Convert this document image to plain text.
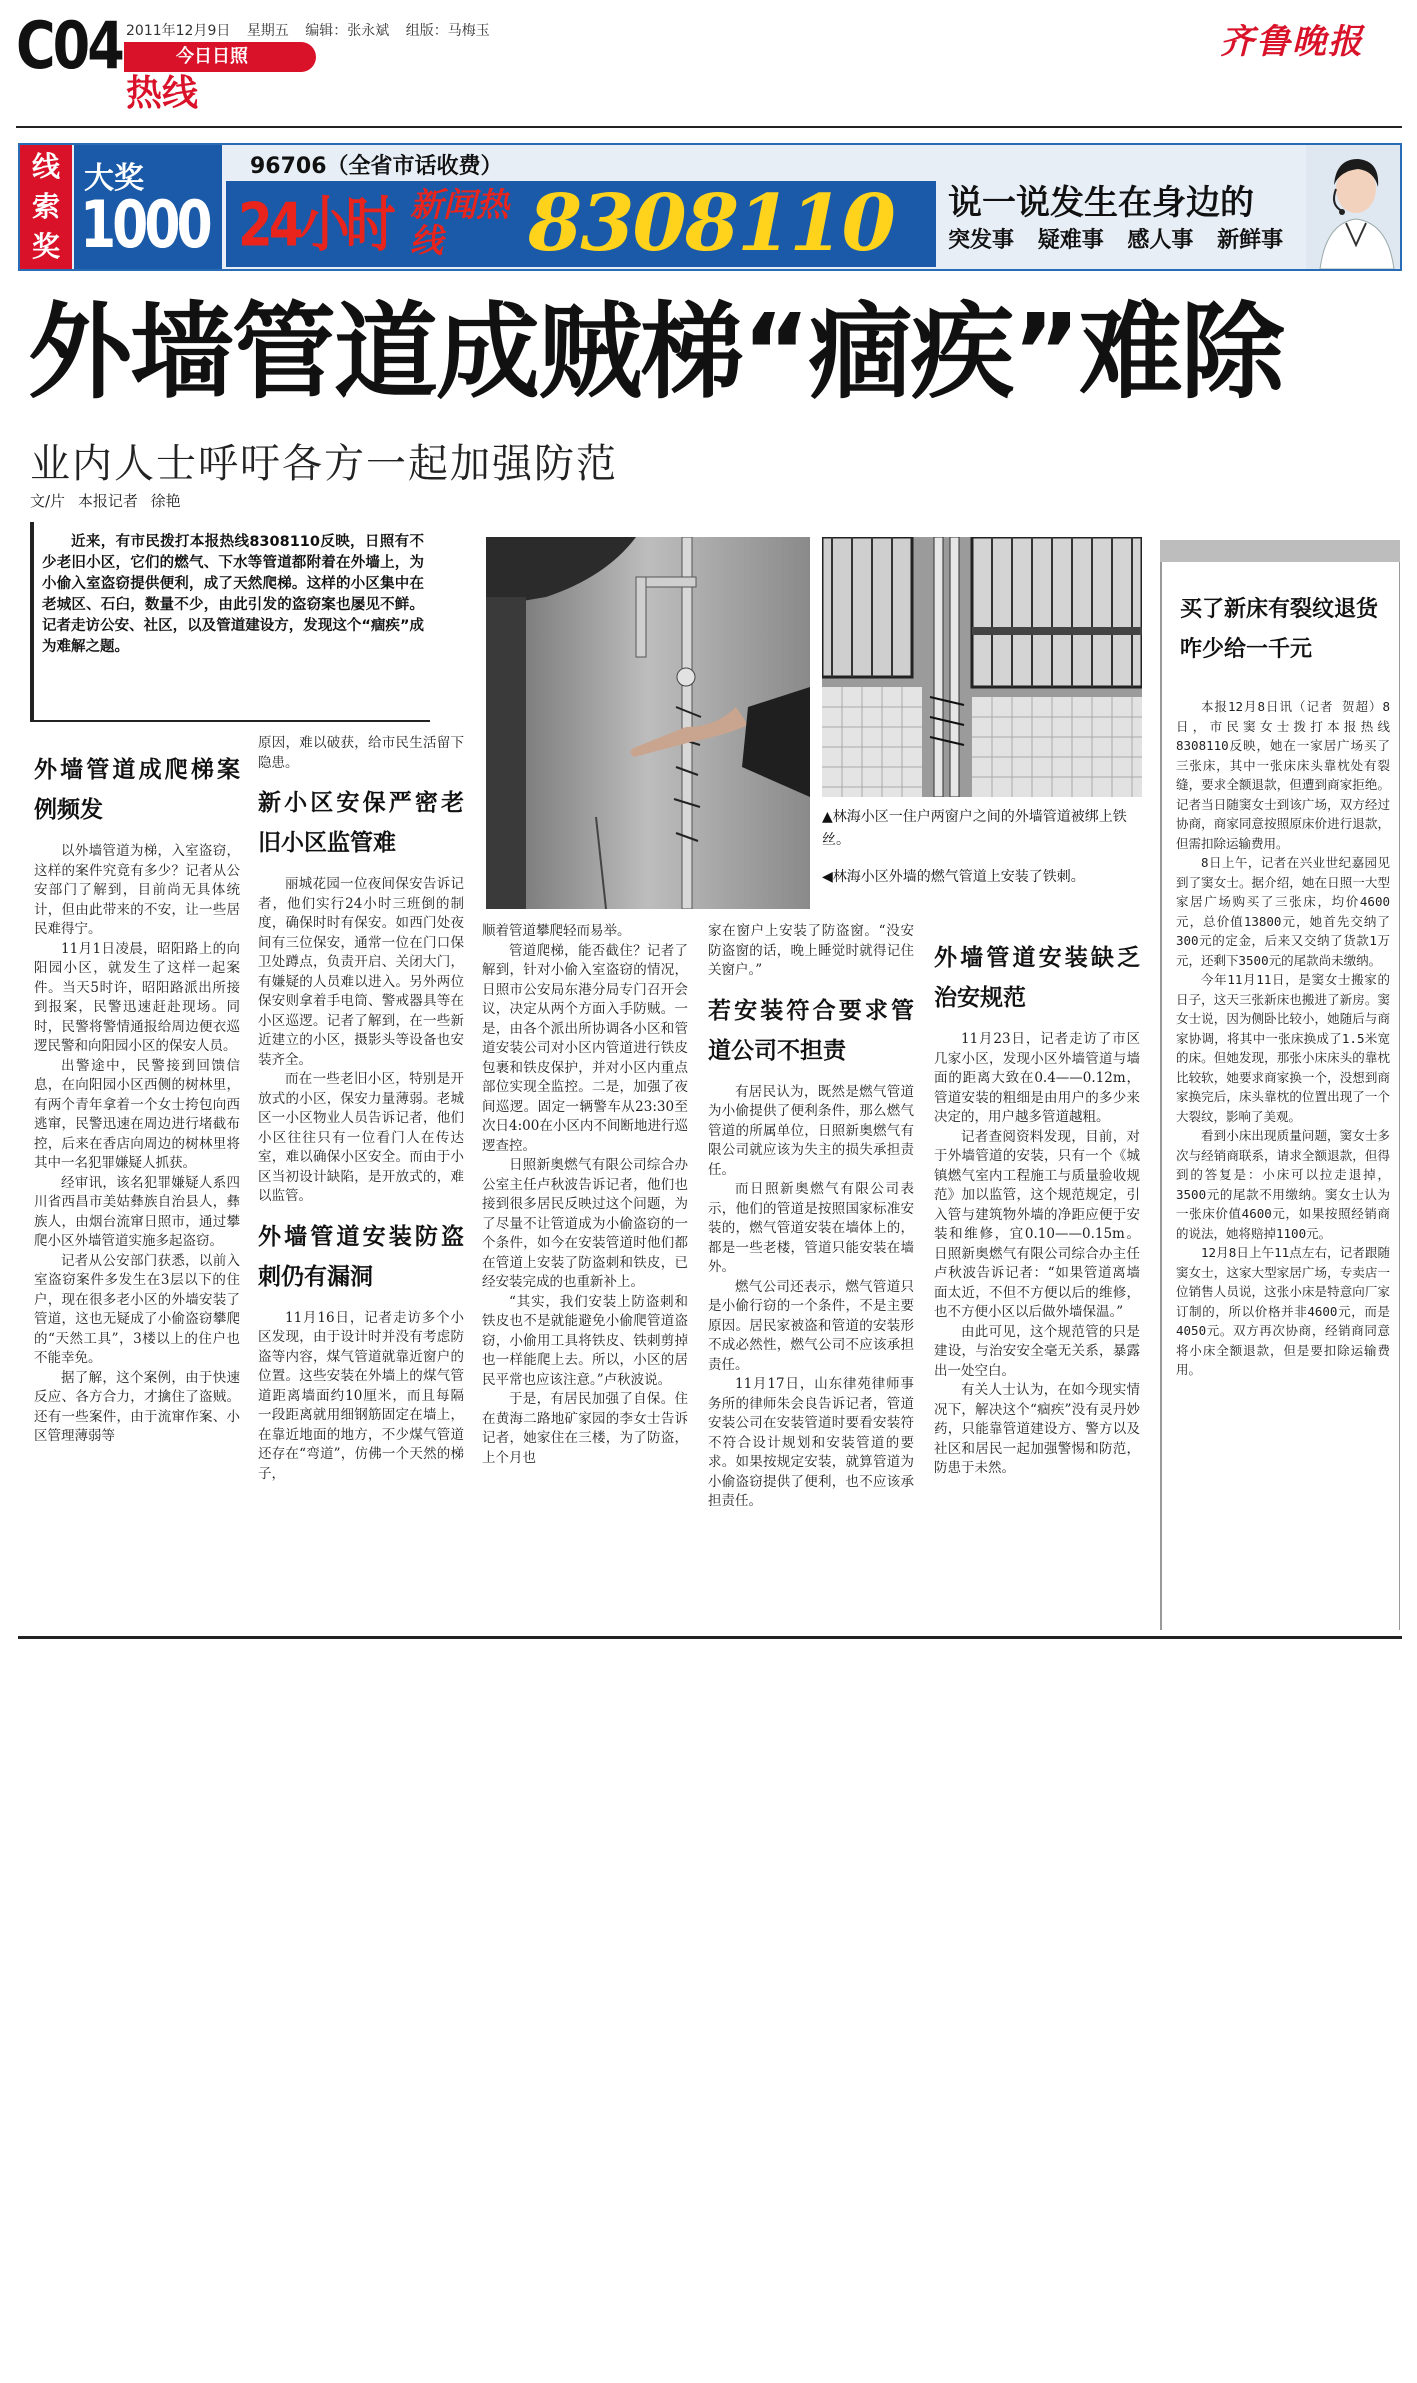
C04 2011年12月9日 星期五 编辑：张永斌 组版：马梅玉
今日日照
热线
齐鲁晚报
线索奖
大奖
1000
96706（全省市话收费）
24小时 新闻热线	8308110 说一说发生在身边的
突发事 疑难事 感人事 新鲜事
外墙管道成贼梯“痼疾”难除
业内人士呼吁各方一起加强防范
文/片 本报记者 徐艳
近来，有市民拨打本报热线8308110反映，日照有不少老旧小区，它们的燃气、下水等管道都附着在外墙上，为小偷入室盗窃提供便利，成了天然爬梯。这样的小区集中在老城区、石臼，数量不少，由此引发的盗窃案也屡见不鲜。记者走访公安、社区，以及管道建设方，发现这个“痼疾”成为难解之题。
外墙管道成爬梯案例频发

以外墙管道为梯，入室盗窃，这样的案件究竟有多少？记者从公安部门了解到，目前尚无具体统计，但由此带来的不安，让一些居民难得宁。

11月1日凌晨，昭阳路上的向阳园小区，就发生了这样一起案件。当天5时许，昭阳路派出所接到报案，民警迅速赶赴现场。同时，民警将警情通报给周边便衣巡逻民警和向阳园小区的保安人员。

出警途中，民警接到回馈信息，在向阳园小区西侧的树林里，有两个青年拿着一个女士挎包向西逃窜，民警迅速在周边进行堵截布控，后来在香店向周边的树林里将其中一名犯罪嫌疑人抓获。

经审讯，该名犯罪嫌疑人系四川省西昌市美姑彝族自治县人，彝族人，由烟台流窜日照市，通过攀爬小区外墙管道实施多起盗窃。

记者从公安部门获悉，以前入室盗窃案件多发生在3层以下的住户，现在很多老小区的外墙安装了管道，这也无疑成了小偷盗窃攀爬的“天然工具”，3楼以上的住户也不能幸免。

据了解，这个案例，由于快速反应、各方合力，才擒住了盗贼。还有一些案件，由于流窜作案、小区管理薄弱等

原因，难以破获，给市民生活留下隐患。

新小区安保严密老旧小区监管难

丽城花园一位夜间保安告诉记者，他们实行24小时三班倒的制度，确保时时有保安。如西门处夜间有三位保安，通常一位在门口保卫处蹲点，负责开启、关闭大门，有嫌疑的人员难以进入。另外两位保安则拿着手电筒、警戒器具等在小区巡逻。记者了解到，在一些新近建立的小区，摄影头等设备也安装齐全。

而在一些老旧小区，特别是开放式的小区，保安力量薄弱。老城区一小区物业人员告诉记者，他们小区往往只有一位看门人在传达室，难以确保小区安全。而由于小区当初设计缺陷，是开放式的，难以监管。

外墙管道安装防盗刺仍有漏洞

11月16日，记者走访多个小区发现，由于设计时并没有考虑防盗等内容，煤气管道就靠近窗户的位置。这些安装在外墙上的煤气管道距离墙面约10厘米，而且每隔一段距离就用细钢筋固定在墙上，在靠近地面的地方，不少煤气管道还存在“弯道”，仿佛一个天然的梯子，

▲林海小区一住户两窗户之间的外墙管道被绑上铁丝。
◀林海小区外墙的燃气管道上安装了铁刺。

顺着管道攀爬轻而易举。

管道爬梯，能否截住？记者了解到，针对小偷入室盗窃的情况，日照市公安局东港分局专门召开会议，决定从两个方面入手防贼。一是，由各个派出所协调各小区和管道安装公司对小区内管道进行铁皮包裹和铁皮保护，并对小区内重点部位实现全监控。二是，加强了夜间巡逻。固定一辆警车从23:30至次日4:00在小区内不间断地进行巡逻查控。

日照新奥燃气有限公司综合办公室主任卢秋波告诉记者，他们也接到很多居民反映过这个问题，为了尽量不让管道成为小偷盗窃的一个条件，如今在安装管道时他们都在管道上安装了防盗刺和铁皮，已经安装完成的也重新补上。

“其实，我们安装上防盗刺和铁皮也不是就能避免小偷爬管道盗窃，小偷用工具将铁皮、铁刺剪掉也一样能爬上去。所以，小区的居民平常也应该注意。”卢秋波说。

于是，有居民加强了自保。住在黄海二路地矿家园的李女士告诉记者，她家住在三楼，为了防盗，上个月也

家在窗户上安装了防盗窗。“没安防盗窗的话，晚上睡觉时就得记住关窗户。”

若安装符合要求管道公司不担责

有居民认为，既然是燃气管道为小偷提供了便利条件，那么燃气管道的所属单位，日照新奥燃气有限公司就应该为失主的损失承担责任。

而日照新奥燃气有限公司表示，他们的管道是按照国家标准安装的，燃气管道安装在墙体上的，都是一些老楼，管道只能安装在墙外。

燃气公司还表示，燃气管道只是小偷行窃的一个条件，不是主要原因。居民家被盗和管道的安装形不成必然性，燃气公司不应该承担责任。

11月17日，山东律苑律师事务所的律师朱会良告诉记者，管道安装公司在安装管道时要看安装符不符合设计规划和安装管道的要求。如果按规定安装，就算管道为小偷盗窃提供了便利，也不应该承担责任。

外墙管道安装缺乏治安规范

11月23日，记者走访了市区几家小区，发现小区外墙管道与墙面的距离大致在0.4——0.12m，管道安装的粗细是由用户的多少来决定的，用户越多管道越粗。

记者查阅资料发现，目前，对于外墙管道的安装，只有一个《城镇燃气室内工程施工与质量验收规范》加以监管，这个规范规定，引入管与建筑物外墙的净距应便于安装和维修，宜0.10——0.15m。日照新奥燃气有限公司综合办主任卢秋波告诉记者：“如果管道离墙面太近，不但不方便以后的维修，也不方便小区以后做外墙保温。”

由此可见，这个规范管的只是建设，与治安安全毫无关系，暴露出一处空白。

有关人士认为，在如今现实情况下，解决这个“痼疾”没有灵丹妙药，只能靠管道建设方、警方以及社区和居民一起加强警惕和防范，防患于未然。

买了新床有裂纹退货咋少给一千元

本报12月8日讯（记者 贺超）8日，市民窦女士拨打本报热线8308110反映，她在一家居广场买了三张床，其中一张床床头靠枕处有裂缝，要求全额退款，但遭到商家拒绝。记者当日随窦女士到该广场，双方经过协商，商家同意按照原床价进行退款，但需扣除运输费用。

8日上午，记者在兴业世纪嘉园见到了窦女士。据介绍，她在日照一大型家居广场购买了三张床，均价4600元，总价值13800元，她首先交纳了300元的定金，后来又交纳了货款1万元，还剩下3500元的尾款尚未缴纳。

今年11月11日，是窦女士搬家的日子，这天三张新床也搬进了新房。窦女士说，因为侧卧比较小，她随后与商家协调，将其中一张床换成了1.5米宽的床。但她发现，那张小床床头的靠枕比较软，她要求商家换一个，没想到商家换完后，床头靠枕的位置出现了一个大裂纹，影响了美观。

看到小床出现质量问题，窦女士多次与经销商联系，请求全额退款，但得到的答复是：小床可以拉走退掉，3500元的尾款不用缴纳。窦女士认为一张床价值4600元，如果按照经销商的说法，她将赔掉1100元。

12月8日上午11点左右，记者跟随窦女士，这家大型家居广场，专卖店一位销售人员说，这张小床是特意向厂家订制的，所以价格并非4600元，而是4050元。双方再次协商，经销商同意将小床全额退款，但是要扣除运输费用。
